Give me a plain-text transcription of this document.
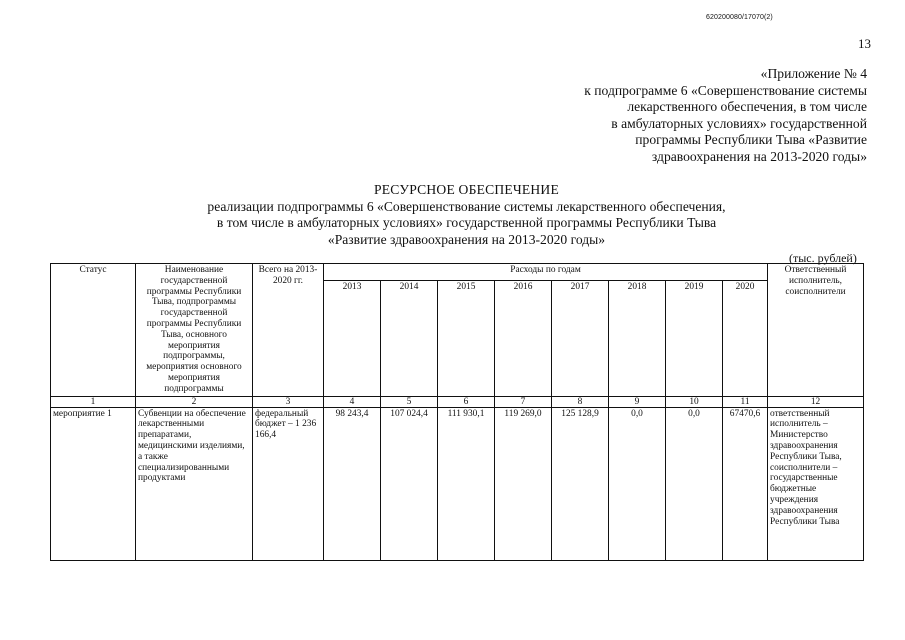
620200080/17070(2)
13
«Приложение № 4
к подпрограмме 6 «Совершенствование системы
лекарственного обеспечения, в том числе
в амбулаторных условиях» государственной
программы Республики Тыва «Развитие
здравоохранения на 2013-2020 годы»
РЕСУРСНОЕ ОБЕСПЕЧЕНИЕ
реализации подпрограммы 6 «Совершенствование системы лекарственного обеспечения,
в том числе в амбулаторных условиях» государственной программы Республики Тыва
«Развитие здравоохранения на 2013-2020 годы»
(тыс. рублей)
Статус	Наименование государственной программы Республики Тыва, подпрограммы государственной программы Республики Тыва, основного мероприятия подпрограммы, мероприятия основного мероприятия подпрограммы	Всего на 2013-2020 гг.	Расходы по годам								Ответственный исполнитель, соисполнители
			2013	2014	2015	2016	2017	2018	2019	2020	
1	2	3	4	5	6	7	8	9	10	11	12
мероприятие 1	Субвенции на обеспечение лекарственными препаратами, медицинскими изделиями, а также специализированными продуктами	федеральный бюджет – 1 236 166,4	98 243,4	107 024,4	111 930,1	119 269,0	125 128,9	0,0	0,0	67470,6	ответственный исполнитель – Министерство здравоохранения Республики Тыва, соисполнители – государственные бюджетные учреждения здравоохранения Республики Тыва
